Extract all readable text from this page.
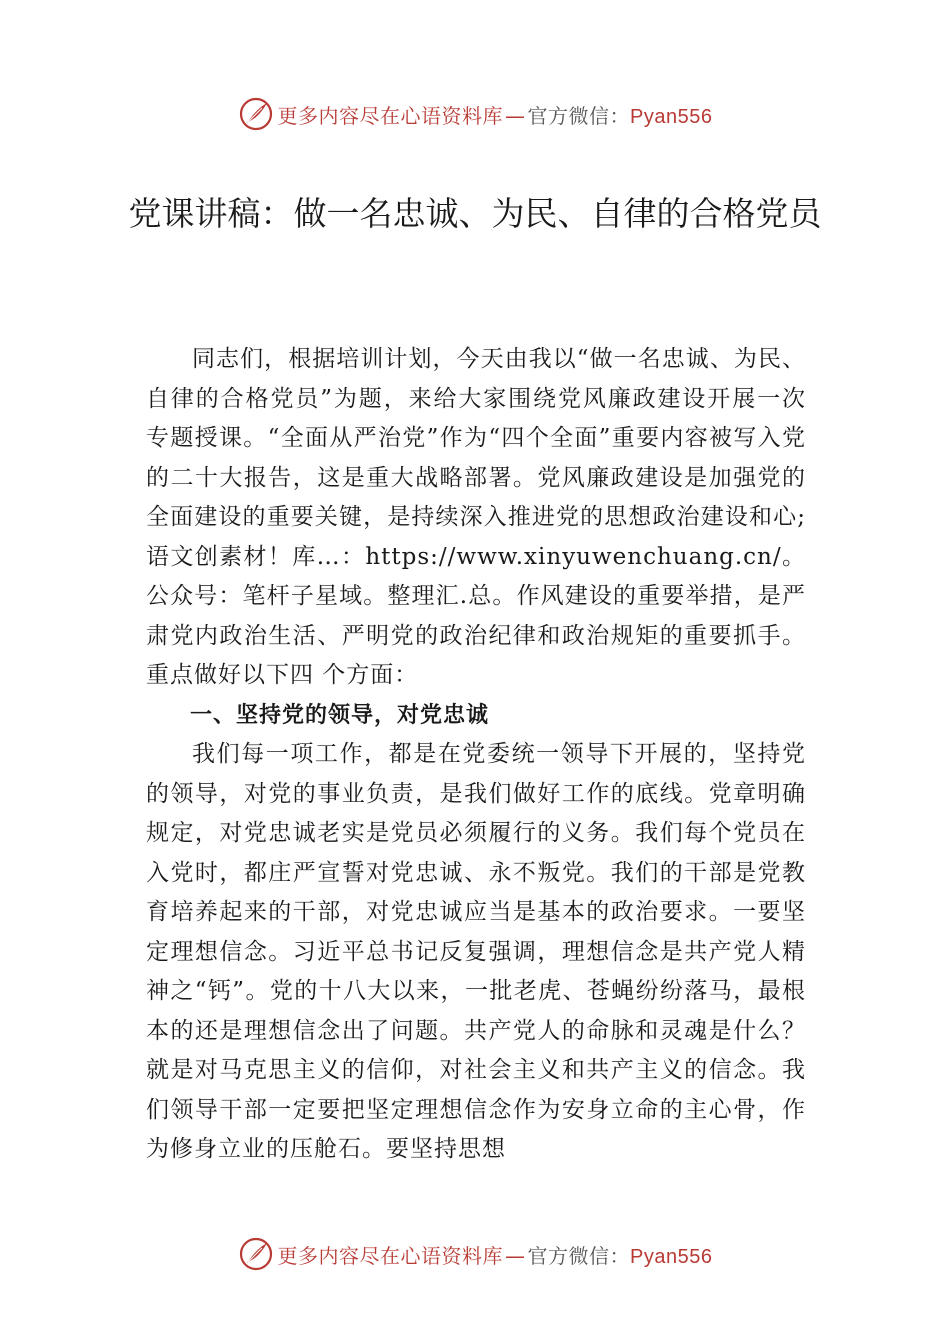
更多内容尽在心语资料库 — 官方微信：Pyan556
党课讲稿：做一名忠诚、为民、自律的合格党员

同志们，根据培训计划，今天由我以“做一名忠诚、为民、自律的合格党员”为题，来给大家围绕党风廉政建设开展一次专题授课。“全面从严治党”作为“四个全面”重要内容被写入党的二十大报告，这是重大战略部署。党风廉政建设是加强党的全面建设的重要关键，是持续深入推进党的思想政治建设和心;语文创素材！库…：https://www.xinyuwenchuang.cn/。公众号：笔杆子星域。整理汇.总。作风建设的重要举措，是严肃党内政治生活、严明党的政治纪律和政治规矩的重要抓手。重点做好以下四 个方面：

一、坚持党的领导，对党忠诚

我们每一项工作，都是在党委统一领导下开展的，坚持党的领导，对党的事业负责，是我们做好工作的底线。党章明确规定，对党忠诚老实是党员必须履行的义务。我们每个党员在入党时，都庄严宣誓对党忠诚、永不叛党。我们的干部是党教育培养起来的干部，对党忠诚应当是基本的政治要求。一要坚定理想信念。习近平总书记反复强调，理想信念是共产党人精神之“钙”。党的十八大以来，一批老虎、苍蝇纷纷落马，最根本的还是理想信念出了问题。共产党人的命脉和灵魂是什么？就是对马克思主义的信仰，对社会主义和共产主义的信念。我们领导干部一定要把坚定理想信念作为安身立命的主心骨，作为修身立业的压舱石。要坚持思想

更多内容尽在心语资料库 — 官方微信：Pyan556
